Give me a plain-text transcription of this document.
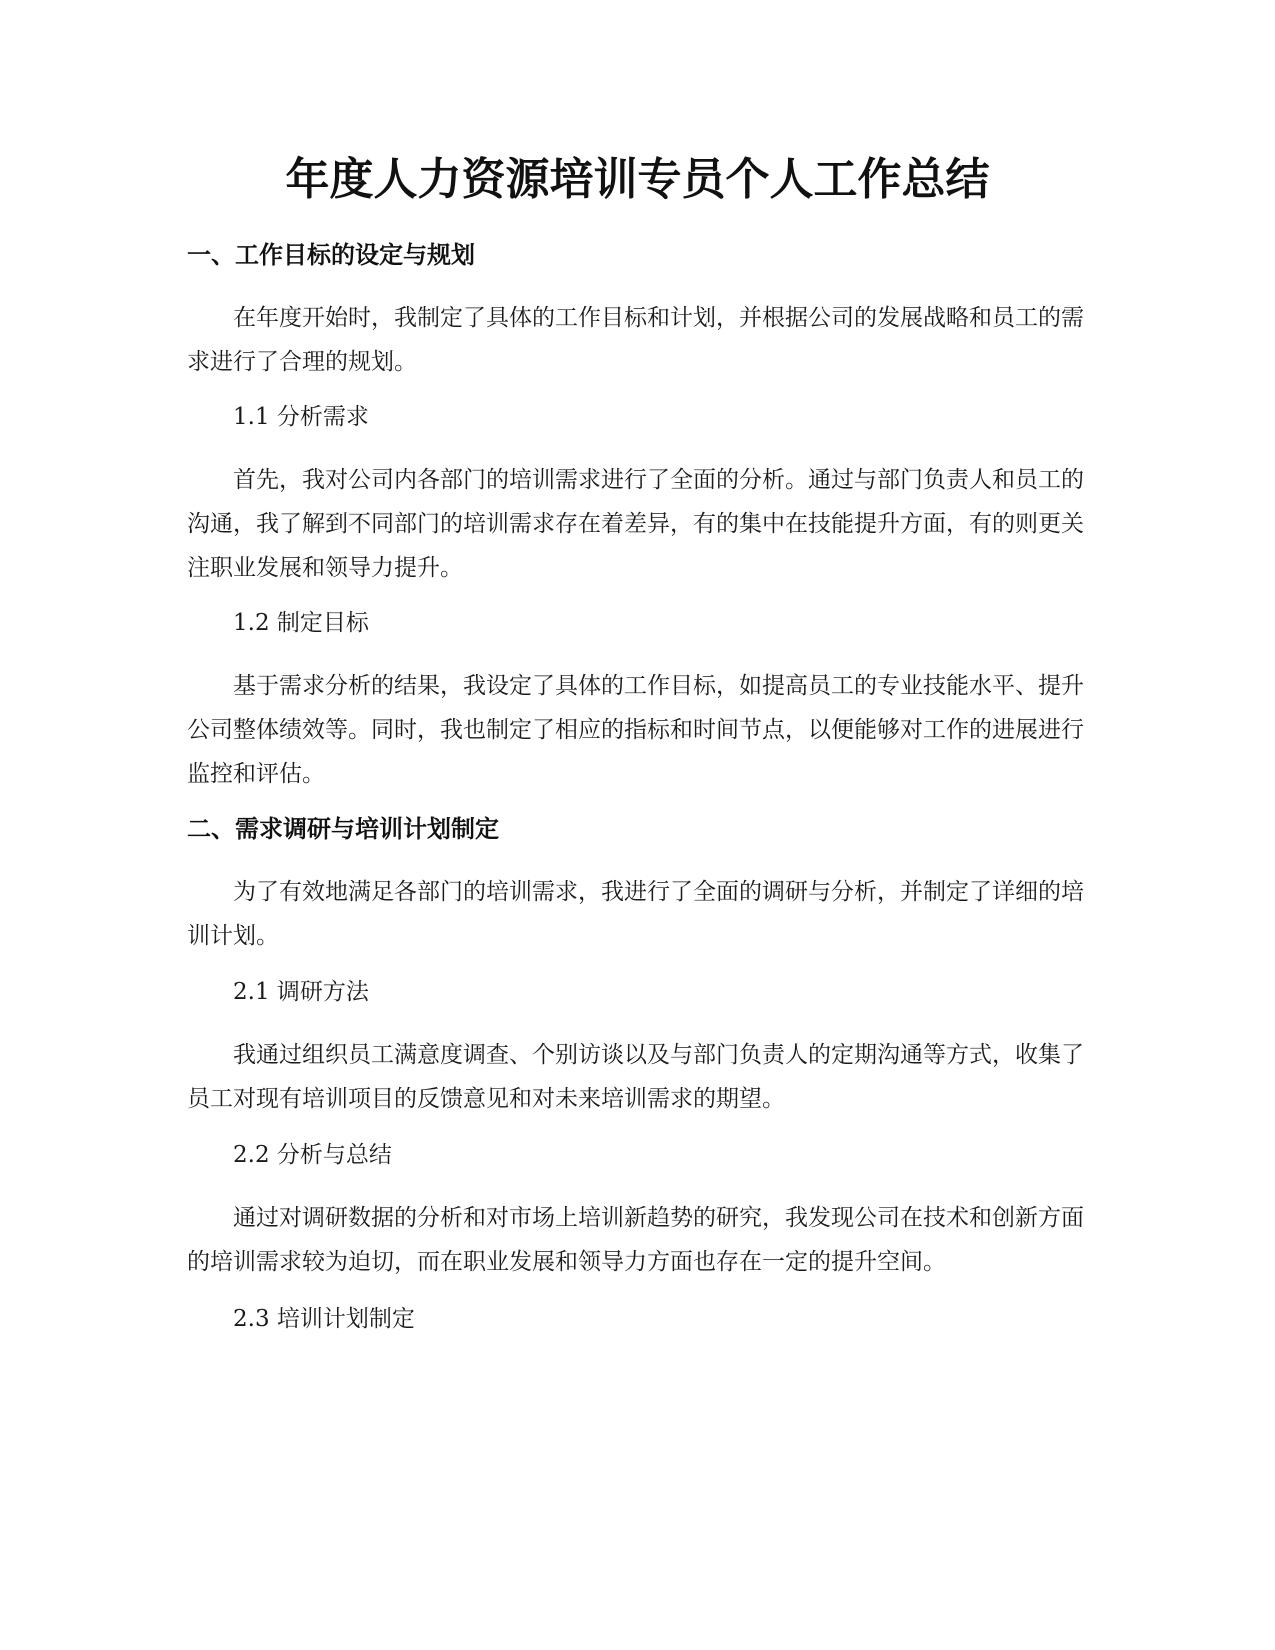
年度人力资源培训专员个人工作总结
一、工作目标的设定与规划

在年度开始时，我制定了具体的工作目标和计划，并根据公司的发展战略和员工的需求进行了合理的规划。

1.1 分析需求

首先，我对公司内各部门的培训需求进行了全面的分析。通过与部门负责人和员工的沟通，我了解到不同部门的培训需求存在着差异，有的集中在技能提升方面，有的则更关注职业发展和领导力提升。

1.2 制定目标

基于需求分析的结果，我设定了具体的工作目标，如提高员工的专业技能水平、提升公司整体绩效等。同时，我也制定了相应的指标和时间节点，以便能够对工作的进展进行监控和评估。

二、需求调研与培训计划制定

为了有效地满足各部门的培训需求，我进行了全面的调研与分析，并制定了详细的培训计划。

2.1 调研方法

我通过组织员工满意度调查、个别访谈以及与部门负责人的定期沟通等方式，收集了员工对现有培训项目的反馈意见和对未来培训需求的期望。

2.2 分析与总结

通过对调研数据的分析和对市场上培训新趋势的研究，我发现公司在技术和创新方面的培训需求较为迫切，而在职业发展和领导力方面也存在一定的提升空间。

2.3 培训计划制定
